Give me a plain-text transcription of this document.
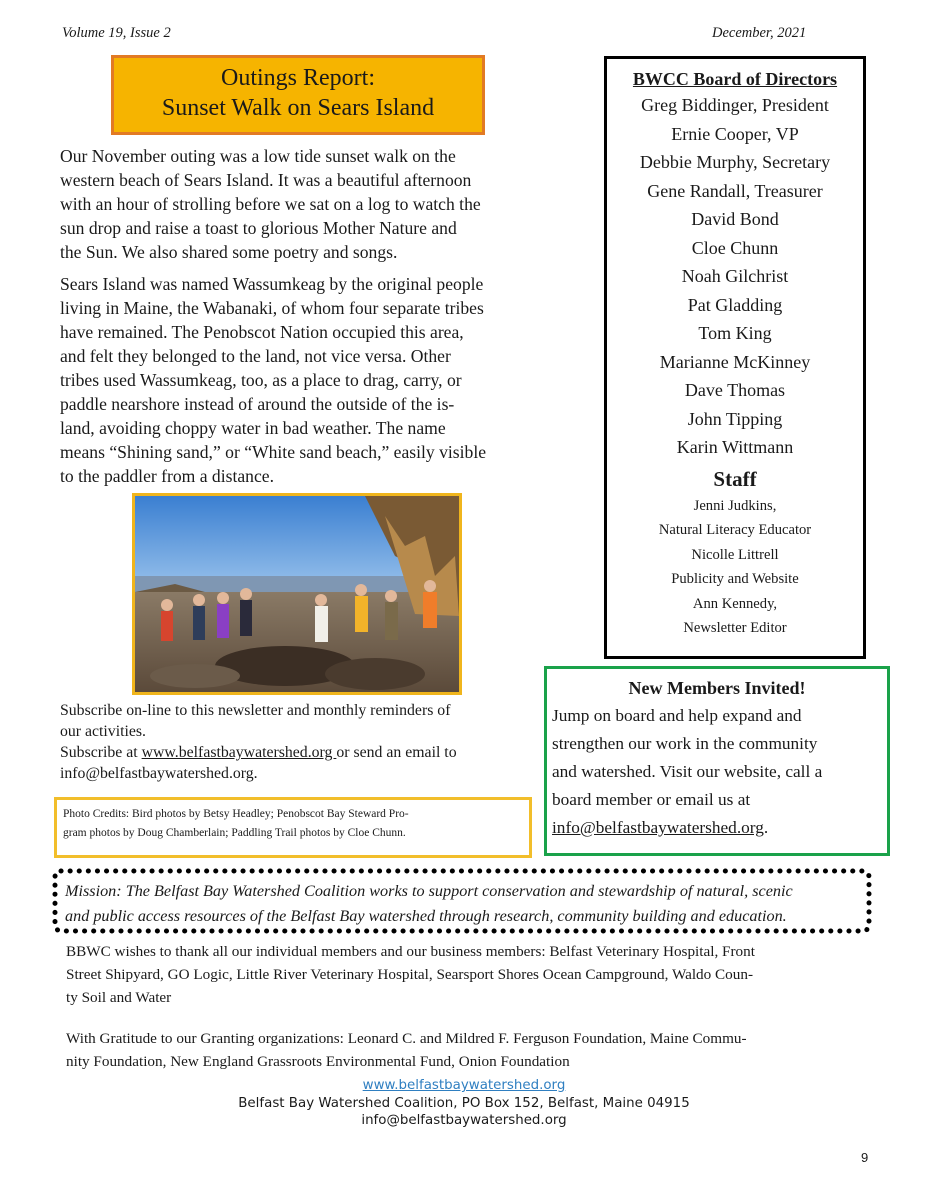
Volume 19, Issue 2	December, 2021
Outings Report:
Sunset Walk on Sears Island
Our November outing was a low tide sunset walk on the
western beach of Sears Island. It was a beautiful afternoon
with an hour of strolling before we sat on a log to watch the
sun drop and raise a toast to glorious Mother Nature and
the Sun. We also shared some poetry and songs.
Sears Island was named Wassumkeag by the original people
living in Maine, the Wabanaki, of whom four separate tribes
have remained. The Penobscot Nation occupied this area,
and felt they belonged to the land, not vice versa. Other
tribes used Wassumkeag, too, as a place to drag, carry, or
paddle nearshore instead of around the outside of the is-
land, avoiding choppy water in bad weather. The name
means “Shining sand,” or “White sand beach,” easily visible
to the paddler from a distance.
Subscribe on-line to this newsletter and monthly reminders of
our activities.
Subscribe at www.belfastbaywatershed.org or send an email to
info@belfastbaywatershed.org.
Photo Credits: Bird photos by Betsy Headley; Penobscot Bay Steward Pro-
gram photos by Doug Chamberlain; Paddling Trail photos by Cloe Chunn.
BWCC Board of Directors
Greg Biddinger, President
Ernie Cooper, VP
Debbie Murphy, Secretary
Gene Randall, Treasurer
David Bond
Cloe Chunn
Noah Gilchrist
Pat Gladding
Tom King
Marianne McKinney
Dave Thomas
John Tipping
Karin Wittmann
Staff
Jenni Judkins,
Natural Literacy Educator
Nicolle Littrell
Publicity and Website
Ann Kennedy,
Newsletter Editor
New Members Invited!
Jump on board and help expand and
strengthen our work in the community
and watershed. Visit our website, call a
board member or email us at
info@belfastbaywatershed.org.
Mission: The Belfast Bay Watershed Coalition works to support conservation and stewardship of natural, scenic
and public access resources of the Belfast Bay watershed through research, community building and education.
BBWC wishes to thank all our individual members and our business members: Belfast Veterinary Hospital, Front
Street Shipyard, GO Logic, Little River Veterinary Hospital, Searsport Shores Ocean Campground, Waldo Coun-
ty Soil and Water
With Gratitude to our Granting organizations: Leonard C. and Mildred F. Ferguson Foundation, Maine Commu-
nity Foundation, New England Grassroots Environmental Fund, Onion Foundation
www.belfastbaywatershed.org
Belfast Bay Watershed Coalition, PO Box 152, Belfast, Maine 04915
info@belfastbaywatershed.org
9
